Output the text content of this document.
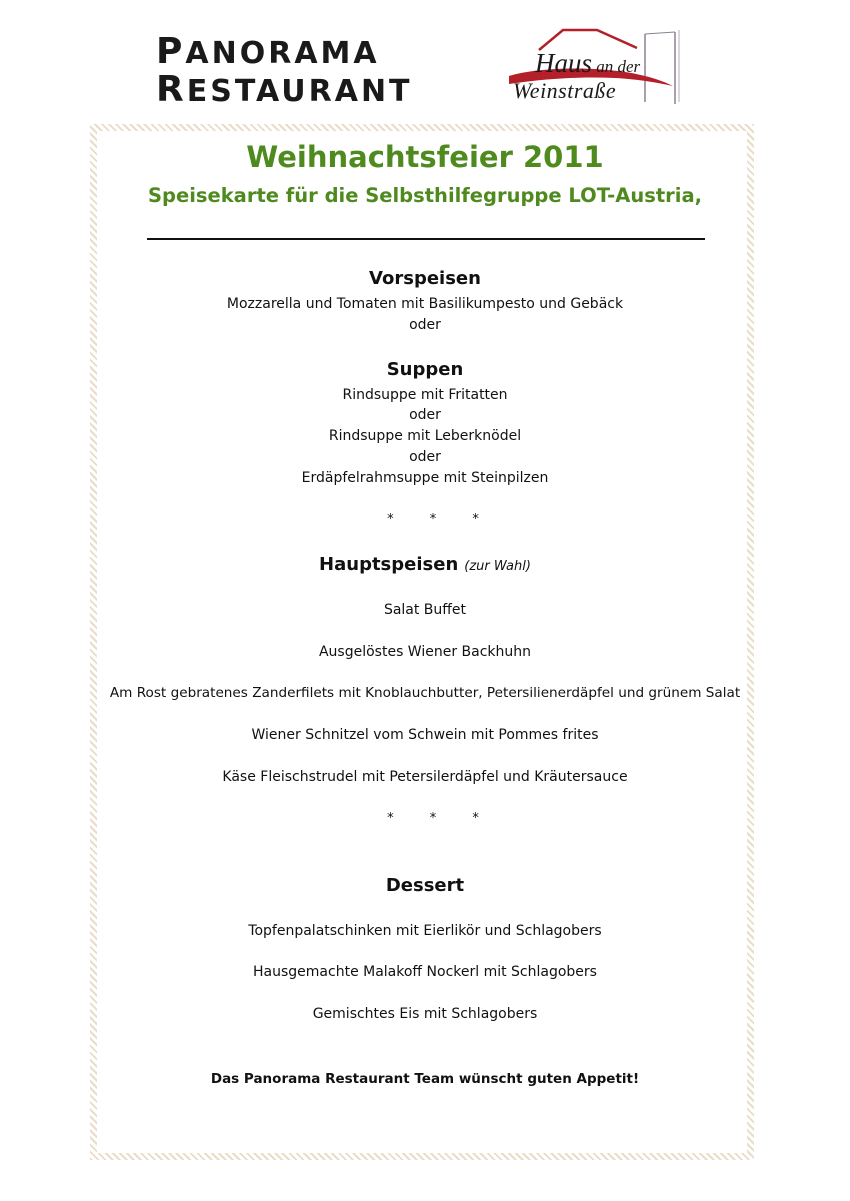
PANORAMA
RESTAURANT
Haus an der
Weinstraße
Weihnachtsfeier 2011
Speisekarte für die Selbsthilfegruppe LOT-Austria,
Vorspeisen
Mozzarella und Tomaten mit Basilikumpesto und Gebäck
oder
Suppen
Rindsuppe mit Fritatten
oder
Rindsuppe mit Leberknödel
oder
Erdäpfelrahmsuppe mit Steinpilzen
* * *
Hauptspeisen (zur Wahl)
Salat Buffet
Ausgelöstes Wiener Backhuhn
Am Rost gebratenes Zanderfilets mit Knoblauchbutter, Petersilienerdäpfel und grünem Salat
Wiener Schnitzel vom Schwein mit Pommes frites
Käse Fleischstrudel mit Petersilerdäpfel und Kräutersauce
* * *
Dessert
Topfenpalatschinken mit Eierlikör und Schlagobers
Hausgemachte Malakoff Nockerl mit Schlagobers
Gemischtes Eis mit Schlagobers
Das Panorama Restaurant Team wünscht guten Appetit!
